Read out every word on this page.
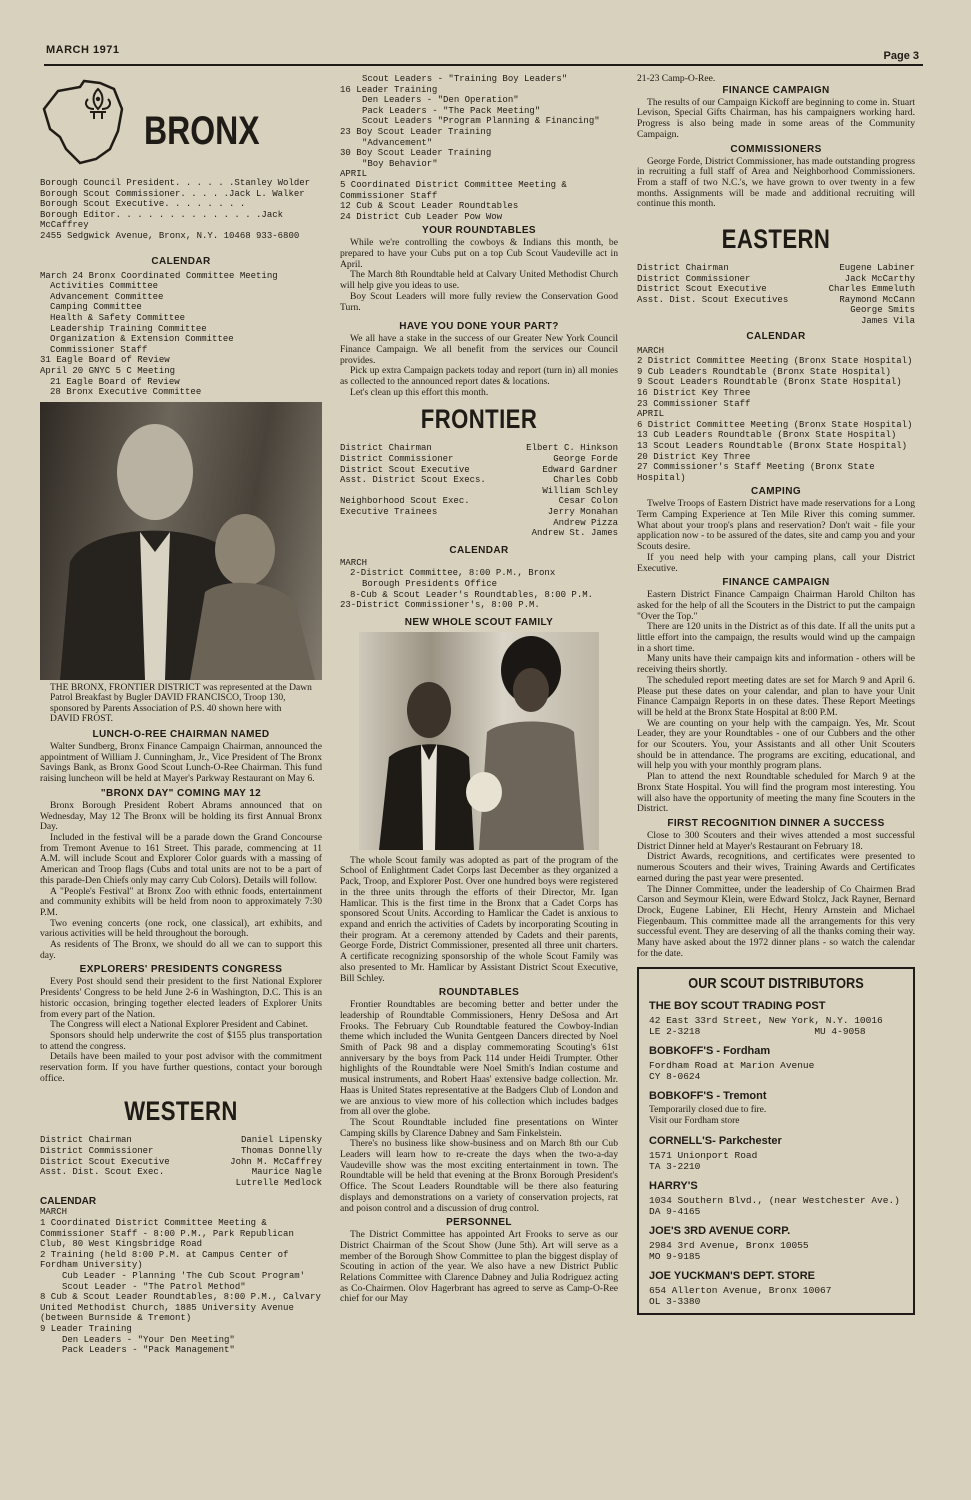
MARCH 1971	Page 3
BRONX
Borough Council President. . . . . .Stanley Wolder
Borough Scout Commissioner. . . . .Jack L. Walker
Borough Scout Executive. . . . . . . .
Borough Editor. . . . . . . . . . . . . .Jack McCaffrey
2455 Sedgwick Avenue, Bronx, N.Y. 10468 933-6800
CALENDAR
March 24 Bronx Coordinated Committee Meeting
Activities Committee
Advancement Committee
Camping Committee
Health & Safety Committee
Leadership Training Committee
Organization & Extension Committee
Commissioner Staff
31 Eagle Board of Review
April 20 GNYC 5 C Meeting
21 Eagle Board of Review
28 Bronx Executive Committee
THE BRONX, FRONTIER DISTRICT was represented at the Dawn Patrol Breakfast by Bugler DAVID FRANCISCO, Troop 130, sponsored by Parents Association of P.S. 40 shown here with DAVID FROST.
LUNCH-O-REE CHAIRMAN NAMED

Walter Sundberg, Bronx Finance Campaign Chairman, announced the appointment of William J. Cunningham, Jr., Vice President of The Bronx Savings Bank, as Bronx Good Scout Lunch-O-Ree Chairman. This fund raising luncheon will be held at Mayer's Parkway Restaurant on May 6.

"BRONX DAY" COMING MAY 12

Bronx Borough President Robert Abrams announced that on Wednesday, May 12 The Bronx will be holding its first Annual Bronx Day.

Included in the festival will be a parade down the Grand Concourse from Tremont Avenue to 161 Street. This parade, commencing at 11 A.M. will include Scout and Explorer Color guards with a massing of American and Troop flags (Cubs and total units are not to be a part of this parade-Den Chiefs only may carry Cub Colors). Details will follow.

A "People's Festival" at Bronx Zoo with ethnic foods, entertainment and community exhibits will be held from noon to approximately 7:30 P.M.

Two evening concerts (one rock, one classical), art exhibits, and various activities will be held throughout the borough.

As residents of The Bronx, we should do all we can to support this day.

EXPLORERS' PRESIDENTS CONGRESS

Every Post should send their president to the first National Explorer Presidents' Congress to be held June 2-6 in Washington, D.C. This is an historic occasion, bringing together elected leaders of Explorer Units from every part of the Nation.

The Congress will elect a National Explorer President and Cabinet.

Sponsors should help underwrite the cost of $155 plus transportation to attend the congress.

Details have been mailed to your post advisor with the commitment reservation form. If you have further questions, contact your borough office.

WESTERN
District Chairman	Daniel Lipensky
District Commissioner	Thomas Donnelly
District Scout Executive	John M. McCaffrey
Asst. Dist. Scout Exec.	Maurice Nagle
Lutrelle Medlock
CALENDAR
MARCH
1 Coordinated District Committee Meeting & Commissioner Staff - 8:00 P.M., Park Republican Club, 80 West Kingsbridge Road
2 Training (held 8:00 P.M. at Campus Center of Fordham University)
Cub Leader - Planning 'The Cub Scout Program'
Scout Leader - "The Patrol Method"
8 Cub & Scout Leader Roundtables, 8:00 P.M., Calvary United Methodist Church, 1885 University Avenue (between Burnside & Tremont)
9 Leader Training
Den Leaders - "Your Den Meeting"
Pack Leaders - "Pack Management"
Scout Leaders - "Training Boy Leaders"
16 Leader Training
Den Leaders - "Den Operation"
Pack Leaders - "The Pack Meeting"
Scout Leaders "Program Planning & Financing"
23 Boy Scout Leader Training
"Advancement"
30 Boy Scout Leader Training
"Boy Behavior"
APRIL
5 Coordinated District Committee Meeting & Commissioner Staff
12 Cub & Scout Leader Roundtables
24 District Cub Leader Pow Wow
YOUR ROUNDTABLES

While we're controlling the cowboys & Indians this month, be prepared to have your Cubs put on a top Cub Scout Vaudeville act in April.

The March 8th Roundtable held at Calvary United Methodist Church will help give you ideas to use.

Boy Scout Leaders will more fully review the Conservation Good Turn.

HAVE YOU DONE YOUR PART?

We all have a stake in the success of our Greater New York Council Finance Campaign. We all benefit from the services our Council provides.

Pick up extra Campaign packets today and report (turn in) all monies as collected to the announced report dates & locations.

Let's clean up this effort this month.

FRONTIER
District Chairman	Elbert C. Hinkson
District Commissioner	George Forde
District Scout Executive	Edward Gardner
Asst. District Scout Execs.	Charles Cobb
William Schley
Neighborhood Scout Exec.	Cesar Colon
Executive Trainees	Jerry Monahan
Andrew Pizza
Andrew St. James
CALENDAR
MARCH
2-District Committee, 8:00 P.M., Bronx
Borough Presidents Office
8-Cub & Scout Leader's Roundtables, 8:00 P.M.
23-District Commissioner's, 8:00 P.M.
NEW WHOLE SCOUT FAMILY

The whole Scout family was adopted as part of the program of the School of Enlightment Cadet Corps last December as they organized a Pack, Troop, and Explorer Post. Over one hundred boys were registered in the three units through the efforts of their Director, Mr. Igan Hamlicar. This is the first time in the Bronx that a Cadet Corps has sponsored Scout Units. According to Hamlicar the Cadet is anxious to expand and enrich the activities of Cadets by incorporating Scouting in their program. At a ceremony attended by Cadets and their parents, George Forde, District Commissioner, presented all three unit charters. A certificate recognizing sponsorship of the whole Scout Family was also presented to Mr. Hamlicar by Assistant District Scout Executive, Bill Schley.

ROUNDTABLES

Frontier Roundtables are becoming better and better under the leadership of Roundtable Commissioners, Henry DeSosa and Art Frooks. The February Cub Roundtable featured the Cowboy-Indian theme which included the Wunita Gentgeen Dancers directed by Noel Smith of Pack 98 and a display commemorating Scouting's 61st anniversary by the boys from Pack 114 under Heidi Trumpter. Other highlights of the Roundtable were Noel Smith's Indian costume and musical instruments, and Robert Haas' extensive badge collection. Mr. Haas is United States representative at the Badgers Club of London and we are anxious to view more of his collection which includes badges from all over the globe.

The Scout Roundtable included fine presentations on Winter Camping skills by Clarence Dabney and Sam Finkelstein.

There's no business like show-business and on March 8th our Cub Leaders will learn how to re-create the days when the two-a-day Vaudeville show was the most exciting entertainment in town. The Roundtable will be held that evening at the Bronx Borough President's Office. The Scout Leaders Roundtable will be there also featuring displays and demonstrations on a variety of conservation projects, rat and poison control and a discussion of drug control.

PERSONNEL

The District Committee has appointed Art Frooks to serve as our District Chairman of the Scout Show (June 5th). Art will serve as a member of the Borough Show Committee to plan the biggest display of Scouting in action of the year. We also have a new District Public Relations Committee with Clarence Dabney and Julia Rodriguez acting as Co-Chairmen. Olov Hagerbrant has agreed to serve as Camp-O-Ree chief for our May

21-23 Camp-O-Ree.
FINANCE CAMPAIGN

The results of our Campaign Kickoff are beginning to come in. Stuart Levison, Special Gifts Chairman, has his campaigners working hard. Progress is also being made in some areas of the Community Campaign.

COMMISSIONERS

George Forde, District Commissioner, has made outstanding progress in recruiting a full staff of Area and Neighborhood Commissioners. From a staff of two N.C.'s, we have grown to over twenty in a few months. Assignments will be made and additional recruiting will continue this month.

EASTERN
District Chairman	Eugene Labiner
District Commissioner	Jack McCarthy
District Scout Executive	Charles Emmeluth
Asst. Dist. Scout Executives	Raymond McCann
George Smits
James Vila
CALENDAR
MARCH
2 District Committee Meeting (Bronx State Hospital)
9 Cub Leaders Roundtable (Bronx State Hospital)
9 Scout Leaders Roundtable (Bronx State Hospital)
16 District Key Three
23 Commissioner Staff
APRIL
6 District Committee Meeting (Bronx State Hospital)
13 Cub Leaders Roundtable (Bronx State Hospital)
13 Scout Leaders Roundtable (Bronx State Hospital)
20 District Key Three
27 Commissioner's Staff Meeting (Bronx State Hospital)
CAMPING

Twelve Troops of Eastern District have made reservations for a Long Term Camping Experience at Ten Mile River this coming summer. What about your troop's plans and reservation? Don't wait - file your application now - to be assured of the dates, site and camp you and your Scouts desire.

If you need help with your camping plans, call your District Executive.

FINANCE CAMPAIGN

Eastern District Finance Campaign Chairman Harold Chilton has asked for the help of all the Scouters in the District to put the campaign "Over the Top."

There are 120 units in the District as of this date. If all the units put a little effort into the campaign, the results would wind up the campaign in a short time.

Many units have their campaign kits and information - others will be receiving theirs shortly.

The scheduled report meeting dates are set for March 9 and April 6. Please put these dates on your calendar, and plan to have your Unit Finance Campaign Reports in on these dates. These Report Meetings will be held at the Bronx State Hospital at 8:00 P.M.

We are counting on your help with the campaign. Yes, Mr. Scout Leader, they are your Roundtables - one of our Cubbers and the other for our Scouters. You, your Assistants and all other Unit Scouters should be in attendance. The programs are exciting, educational, and will help you with your monthly program plans.

Plan to attend the next Roundtable scheduled for March 9 at the Bronx State Hospital. You will find the program most interesting. You will also have the opportunity of meeting the many fine Scouters in the District.

FIRST RECOGNITION DINNER A SUCCESS

Close to 300 Scouters and their wives attended a most successful District Dinner held at Mayer's Restaurant on February 18.

District Awards, recognitions, and certificates were presented to numerous Scouters and their wives, Training Awards and Certificates earned during the past year were presented.

The Dinner Committee, under the leadership of Co Chairmen Brad Carson and Seymour Klein, were Edward Stolcz, Jack Rayner, Bernard Drock, Eugene Labiner, Eli Hecht, Henry Arnstein and Michael Fiegenbaum. This committee made all the arrangements for this very successful event. They are deserving of all the thanks coming their way. Many have asked about the 1972 dinner plans - so watch the calendar for the date.

OUR SCOUT DISTRIBUTORS
THE BOY SCOUT TRADING POST
42 East 33rd Street, New York, N.Y. 10016
LE 2-3218                    MU 4-9058
BOBKOFF'S - Fordham
Fordham Road at Marion Avenue
CY 8-0624
BOBKOFF'S - Tremont
Temporarily closed due to fire.
Visit our Fordham store
CORNELL'S- Parkchester
1571 Unionport Road
TA 3-2210
HARRY'S
1034 Southern Blvd., (near Westchester Ave.)
DA 9-4165
JOE'S 3RD AVENUE CORP.
2984 3rd Avenue, Bronx 10055
MO 9-9185
JOE YUCKMAN'S DEPT. STORE
654 Allerton Avenue, Bronx 10067
OL 3-3380
